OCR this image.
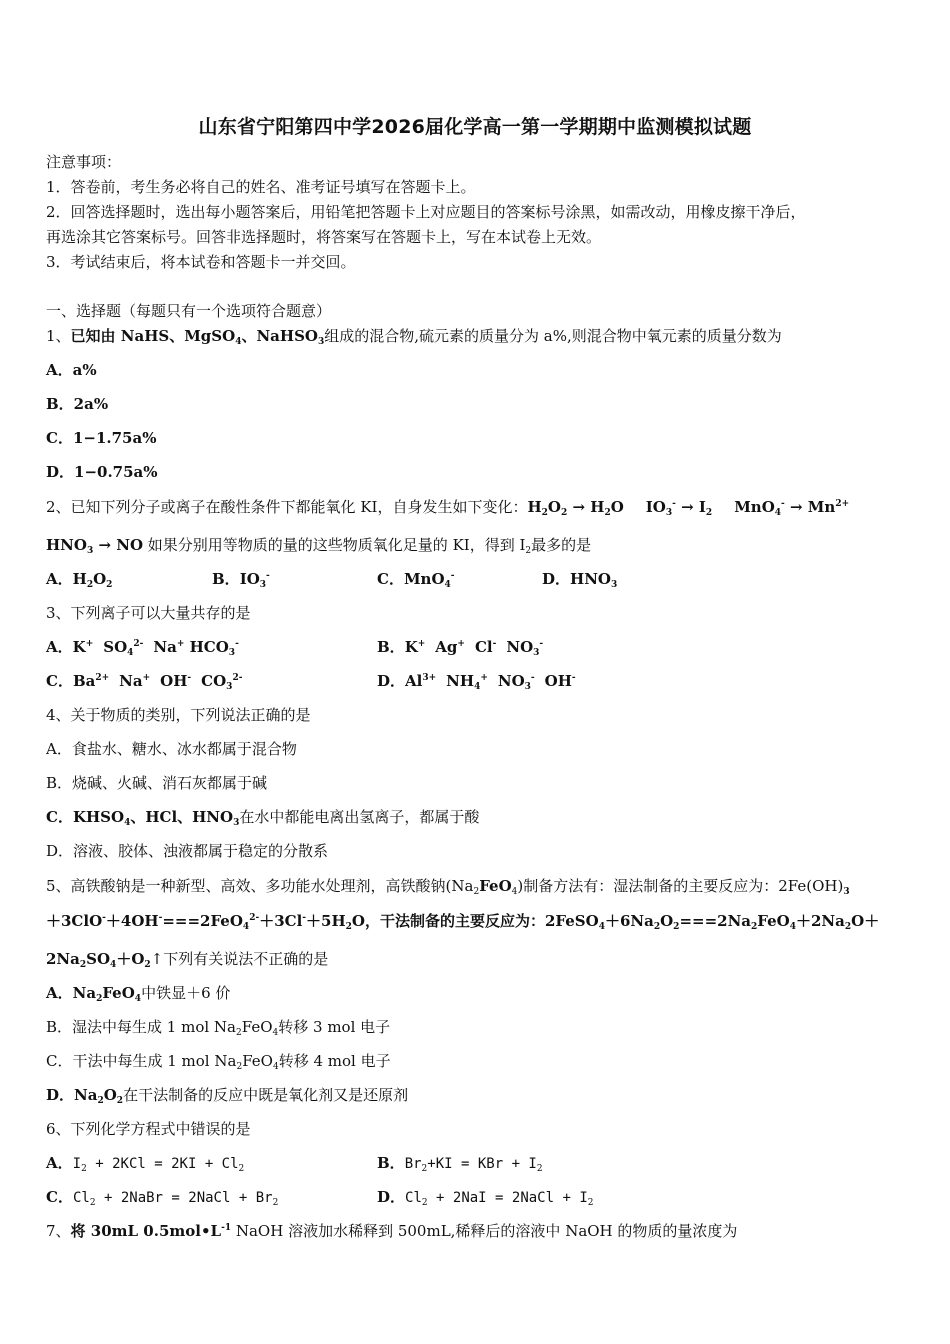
山东省宁阳第四中学2026届化学高一第一学期期中监测模拟试题
注意事项：
1．答卷前，考生务必将自己的姓名、准考证号填写在答题卡上。
2．回答选择题时，选出每小题答案后，用铅笔把答题卡上对应题目的答案标号涂黑，如需改动，用橡皮擦干净后，
再选涂其它答案标号。回答非选择题时，将答案写在答题卡上，写在本试卷上无效。
3．考试结束后，将本试卷和答题卡一并交回。
一、选择题（每题只有一个选项符合题意）
1、已知由 NaHS、MgSO$_4$、NaHSO$_3$组成的混合物,硫元素的质量分为 a%,则混合物中氧元素的质量分数为
A．a%
B．2a%
C．1−1.75a%
D．1−0.75a%
2、已知下列分子或离子在酸性条件下都能氧化 KI，自身发生如下变化：$H_2O_2 \to H_2O$ $IO_3^- \to I_2$ $MnO_4^- \to Mn^{2+}$
$HNO_3$ → NO 如果分别用等物质的量的这些物质氧化足量的 KI，得到 $I_2$最多的是
A．$H_2O_2$	B．$IO_3^-$	C．MnO$_4$-	D．$HNO_3$
3、下列离子可以大量共存的是
A．K+ $SO_4^{2-}$ Na+ $HCO_3^-$	B．K+ Ag+ Cl- $NO_3^-$
C．$Ba^{2+}$ Na+ OH- $CO_3^{2-}$	D．$Al^{3+}$ $NH_4^+$ $NO_3^-$ OH-
4、关于物质的类别，下列说法正确的是
A．食盐水、糖水、冰水都属于混合物
B．烧碱、火碱、消石灰都属于碱
C．$KHSO_4$、HCl、$HNO_3$在水中都能电离出氢离子，都属于酸
D．溶液、胶体、浊液都属于稳定的分散系
5、高铁酸钠是一种新型、高效、多功能水处理剂，高铁酸钠$(Na_2FeO_4)$制备方法有：湿法制备的主要反应为：$2Fe(OH)_3$
$+3ClO^-+4OH^-===2FeO_4^{2-}+3Cl^-+5H_2O$，干法制备的主要反应为：$2FeSO_4+6Na_2O_2===2Na_2FeO_4+2Na_2O+$
$2Na_2SO_4+O_2↑$下列有关说法不正确的是
A．$Na_2FeO_4$中铁显＋6 价
B．湿法中每生成 1 mol $Na_2FeO_4$转移 3 mol 电子
C．干法中每生成 1 mol $Na_2FeO_4$转移 4 mol 电子
D．$Na_2O_2$在干法制备的反应中既是氧化剂又是还原剂
6、下列化学方程式中错误的是
A．$I_2 + 2KCl = 2KI + Cl_2$	B．$Br_2+KI$ = KBr + $I_2$
C．$Cl_2$ + 2NaBr = 2NaCl + $Br_2$	D．$Cl_2 + 2NaI$ = 2NaCl + $I_2$
7、将 30mL $0.5mol•L^{-1}$ NaOH 溶液加水稀释到 500mL,稀释后的溶液中 NaOH 的物质的量浓度为
